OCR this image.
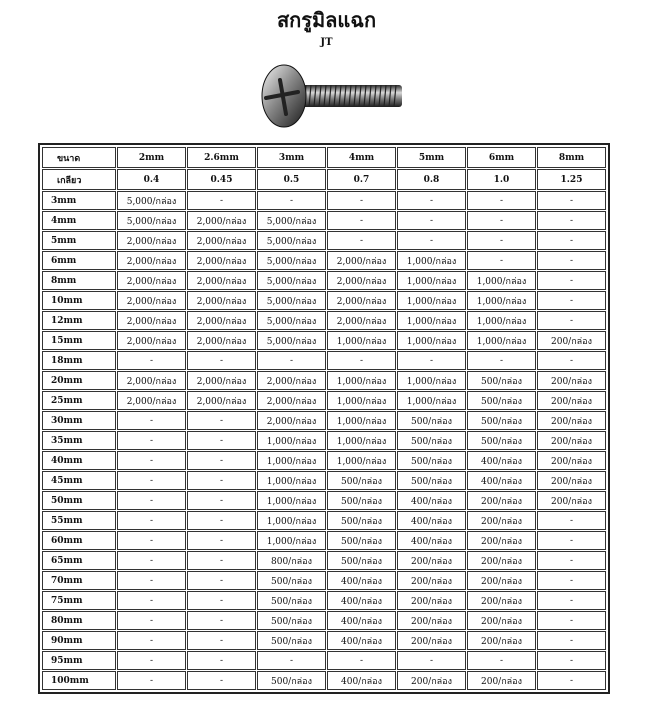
สกรูมิลแฉก
JT
ขนาด	2mm	2.6mm	3mm	4mm	5mm	6mm	8mm
เกลียว	0.4	0.45	0.5	0.7	0.8	1.0	1.25
3mm	5,000/กล่อง	-	-	-	-	-	-
4mm	5,000/กล่อง	2,000/กล่อง	5,000/กล่อง	-	-	-	-
5mm	2,000/กล่อง	2,000/กล่อง	5,000/กล่อง	-	-	-	-
6mm	2,000/กล่อง	2,000/กล่อง	5,000/กล่อง	2,000/กล่อง	1,000/กล่อง	-	-
8mm	2,000/กล่อง	2,000/กล่อง	5,000/กล่อง	2,000/กล่อง	1,000/กล่อง	1,000/กล่อง	-
10mm	2,000/กล่อง	2,000/กล่อง	5,000/กล่อง	2,000/กล่อง	1,000/กล่อง	1,000/กล่อง	-
12mm	2,000/กล่อง	2,000/กล่อง	5,000/กล่อง	2,000/กล่อง	1,000/กล่อง	1,000/กล่อง	-
15mm	2,000/กล่อง	2,000/กล่อง	5,000/กล่อง	1,000/กล่อง	1,000/กล่อง	1,000/กล่อง	200/กล่อง
18mm	-	-	-	-	-	-	-
20mm	2,000/กล่อง	2,000/กล่อง	2,000/กล่อง	1,000/กล่อง	1,000/กล่อง	500/กล่อง	200/กล่อง
25mm	2,000/กล่อง	2,000/กล่อง	2,000/กล่อง	1,000/กล่อง	1,000/กล่อง	500/กล่อง	200/กล่อง
30mm	-	-	2,000/กล่อง	1,000/กล่อง	500/กล่อง	500/กล่อง	200/กล่อง
35mm	-	-	1,000/กล่อง	1,000/กล่อง	500/กล่อง	500/กล่อง	200/กล่อง
40mm	-	-	1,000/กล่อง	1,000/กล่อง	500/กล่อง	400/กล่อง	200/กล่อง
45mm	-	-	1,000/กล่อง	500/กล่อง	500/กล่อง	400/กล่อง	200/กล่อง
50mm	-	-	1,000/กล่อง	500/กล่อง	400/กล่อง	200/กล่อง	200/กล่อง
55mm	-	-	1,000/กล่อง	500/กล่อง	400/กล่อง	200/กล่อง	-
60mm	-	-	1,000/กล่อง	500/กล่อง	400/กล่อง	200/กล่อง	-
65mm	-	-	800/กล่อง	500/กล่อง	200/กล่อง	200/กล่อง	-
70mm	-	-	500/กล่อง	400/กล่อง	200/กล่อง	200/กล่อง	-
75mm	-	-	500/กล่อง	400/กล่อง	200/กล่อง	200/กล่อง	-
80mm	-	-	500/กล่อง	400/กล่อง	200/กล่อง	200/กล่อง	-
90mm	-	-	500/กล่อง	400/กล่อง	200/กล่อง	200/กล่อง	-
95mm	-	-	-	-	-	-	-
100mm	-	-	500/กล่อง	400/กล่อง	200/กล่อง	200/กล่อง	-
